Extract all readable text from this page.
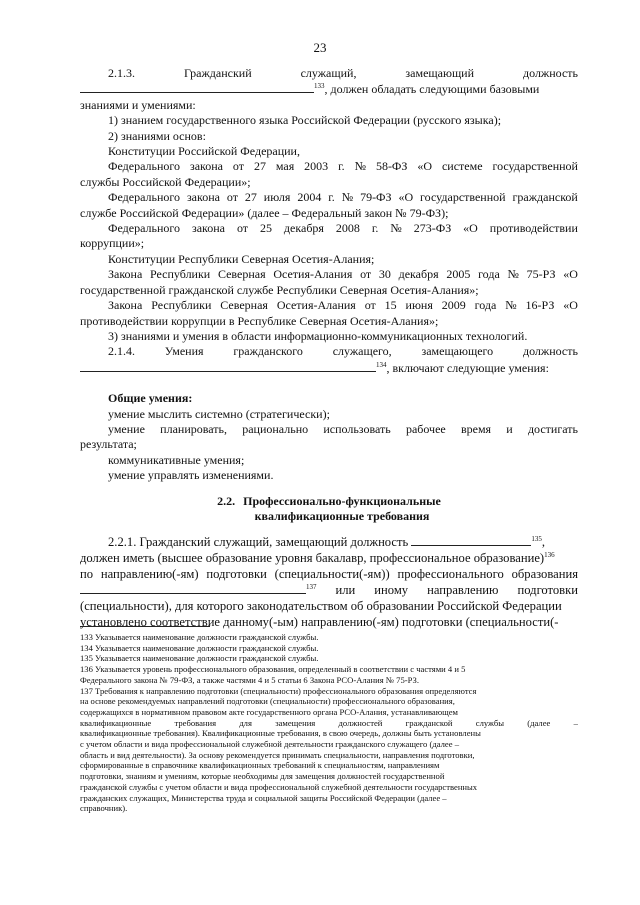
23
2.1.3.	Гражданский	служащий,	замещающий	должность
$^{133}$, должен обладать следующими базовыми
знаниями и умениями:
1) знанием государственного языка Российской Федерации (русского языка);
2) знаниями основ:
Конституции Российской Федерации,
Федерального закона от 27 мая 2003 г. № 58-ФЗ «О системе государственной
службы Российской Федерации»;
Федерального закона от 27 июля 2004 г. № 79-ФЗ «О государственной гражданской
службе Российской Федерации» (далее – Федеральный закон № 79-ФЗ);
Федерального закона от 25 декабря 2008 г. № 273-ФЗ «О противодействии
коррупции»;
Конституции Республики Северная Осетия-Алания;
Закона Республики Северная Осетия-Алания от 30 декабря 2005 года № 75-РЗ «О
государственной гражданской службе Республики Северная Осетия-Алания»;
Закона Республики Северная Осетия-Алания от 15 июня 2009 года № 16-РЗ «О
противодействии коррупции в Республике Северная Осетия-Алания»;
3) знаниями и умения в области информационно-коммуникационных технологий.
2.1.4. Умения гражданского служащего, замещающего должность
$^{134}$, включают следующие умения:
Общие умения:
умение мыслить системно (стратегически);
умение планировать, рационально использовать рабочее время и достигать
результата;
коммуникативные умения;
умение управлять изменениями.
2.2. Профессионально-функциональные
квалификационные требования
2.2.1. Гражданский служащий, замещающий должность	$^{135}$,
должен иметь (высшее образование уровня бакалавр, профессиональное образование)$^{136}$
по направлению(-ям) подготовки (специальности(-ям)) профессионального образования
$^{137}$ или иному направлению подготовки
(специальности), для которого законодательством об образовании Российской Федерации
установлено соответствие данному(-ым) направлению(-ям) подготовки (специальности(-
133 Указывается наименование должности гражданской службы.
134 Указывается наименование должности гражданской службы.
135 Указывается наименование должности гражданской службы.
136 Указывается уровень профессионального образования, определенный в соответствии с частями 4 и 5
Федерального закона № 79-ФЗ, а также частями 4 и 5 статьи 6 Закона РСО-Алания № 75-РЗ.
137 Требования к направлению подготовки (специальности) профессионального образования определяются
на основе рекомендуемых направлений подготовки (специальности) профессионального образования,
содержащихся в нормативном правовом акте государственного органа РСО-Алания, устанавливающем
квалификационные	требования	для	замещения	должностей	гражданской	службы	(далее	–
квалификационные требования). Квалификационные требования, в свою очередь, должны быть установлены
с учетом области и вида профессиональной служебной деятельности гражданского служащего (далее –
область и вид деятельности). За основу рекомендуется принимать специальности, направления подготовки,
сформированные в справочнике квалификационных требований к специальностям, направлениям
подготовки, знаниям и умениям, которые необходимы для замещения должностей государственной
гражданской службы с учетом области и вида профессиональной служебной деятельности государственных
гражданских служащих, Министерства труда и социальной защиты Российской Федерации (далее –
справочник).
